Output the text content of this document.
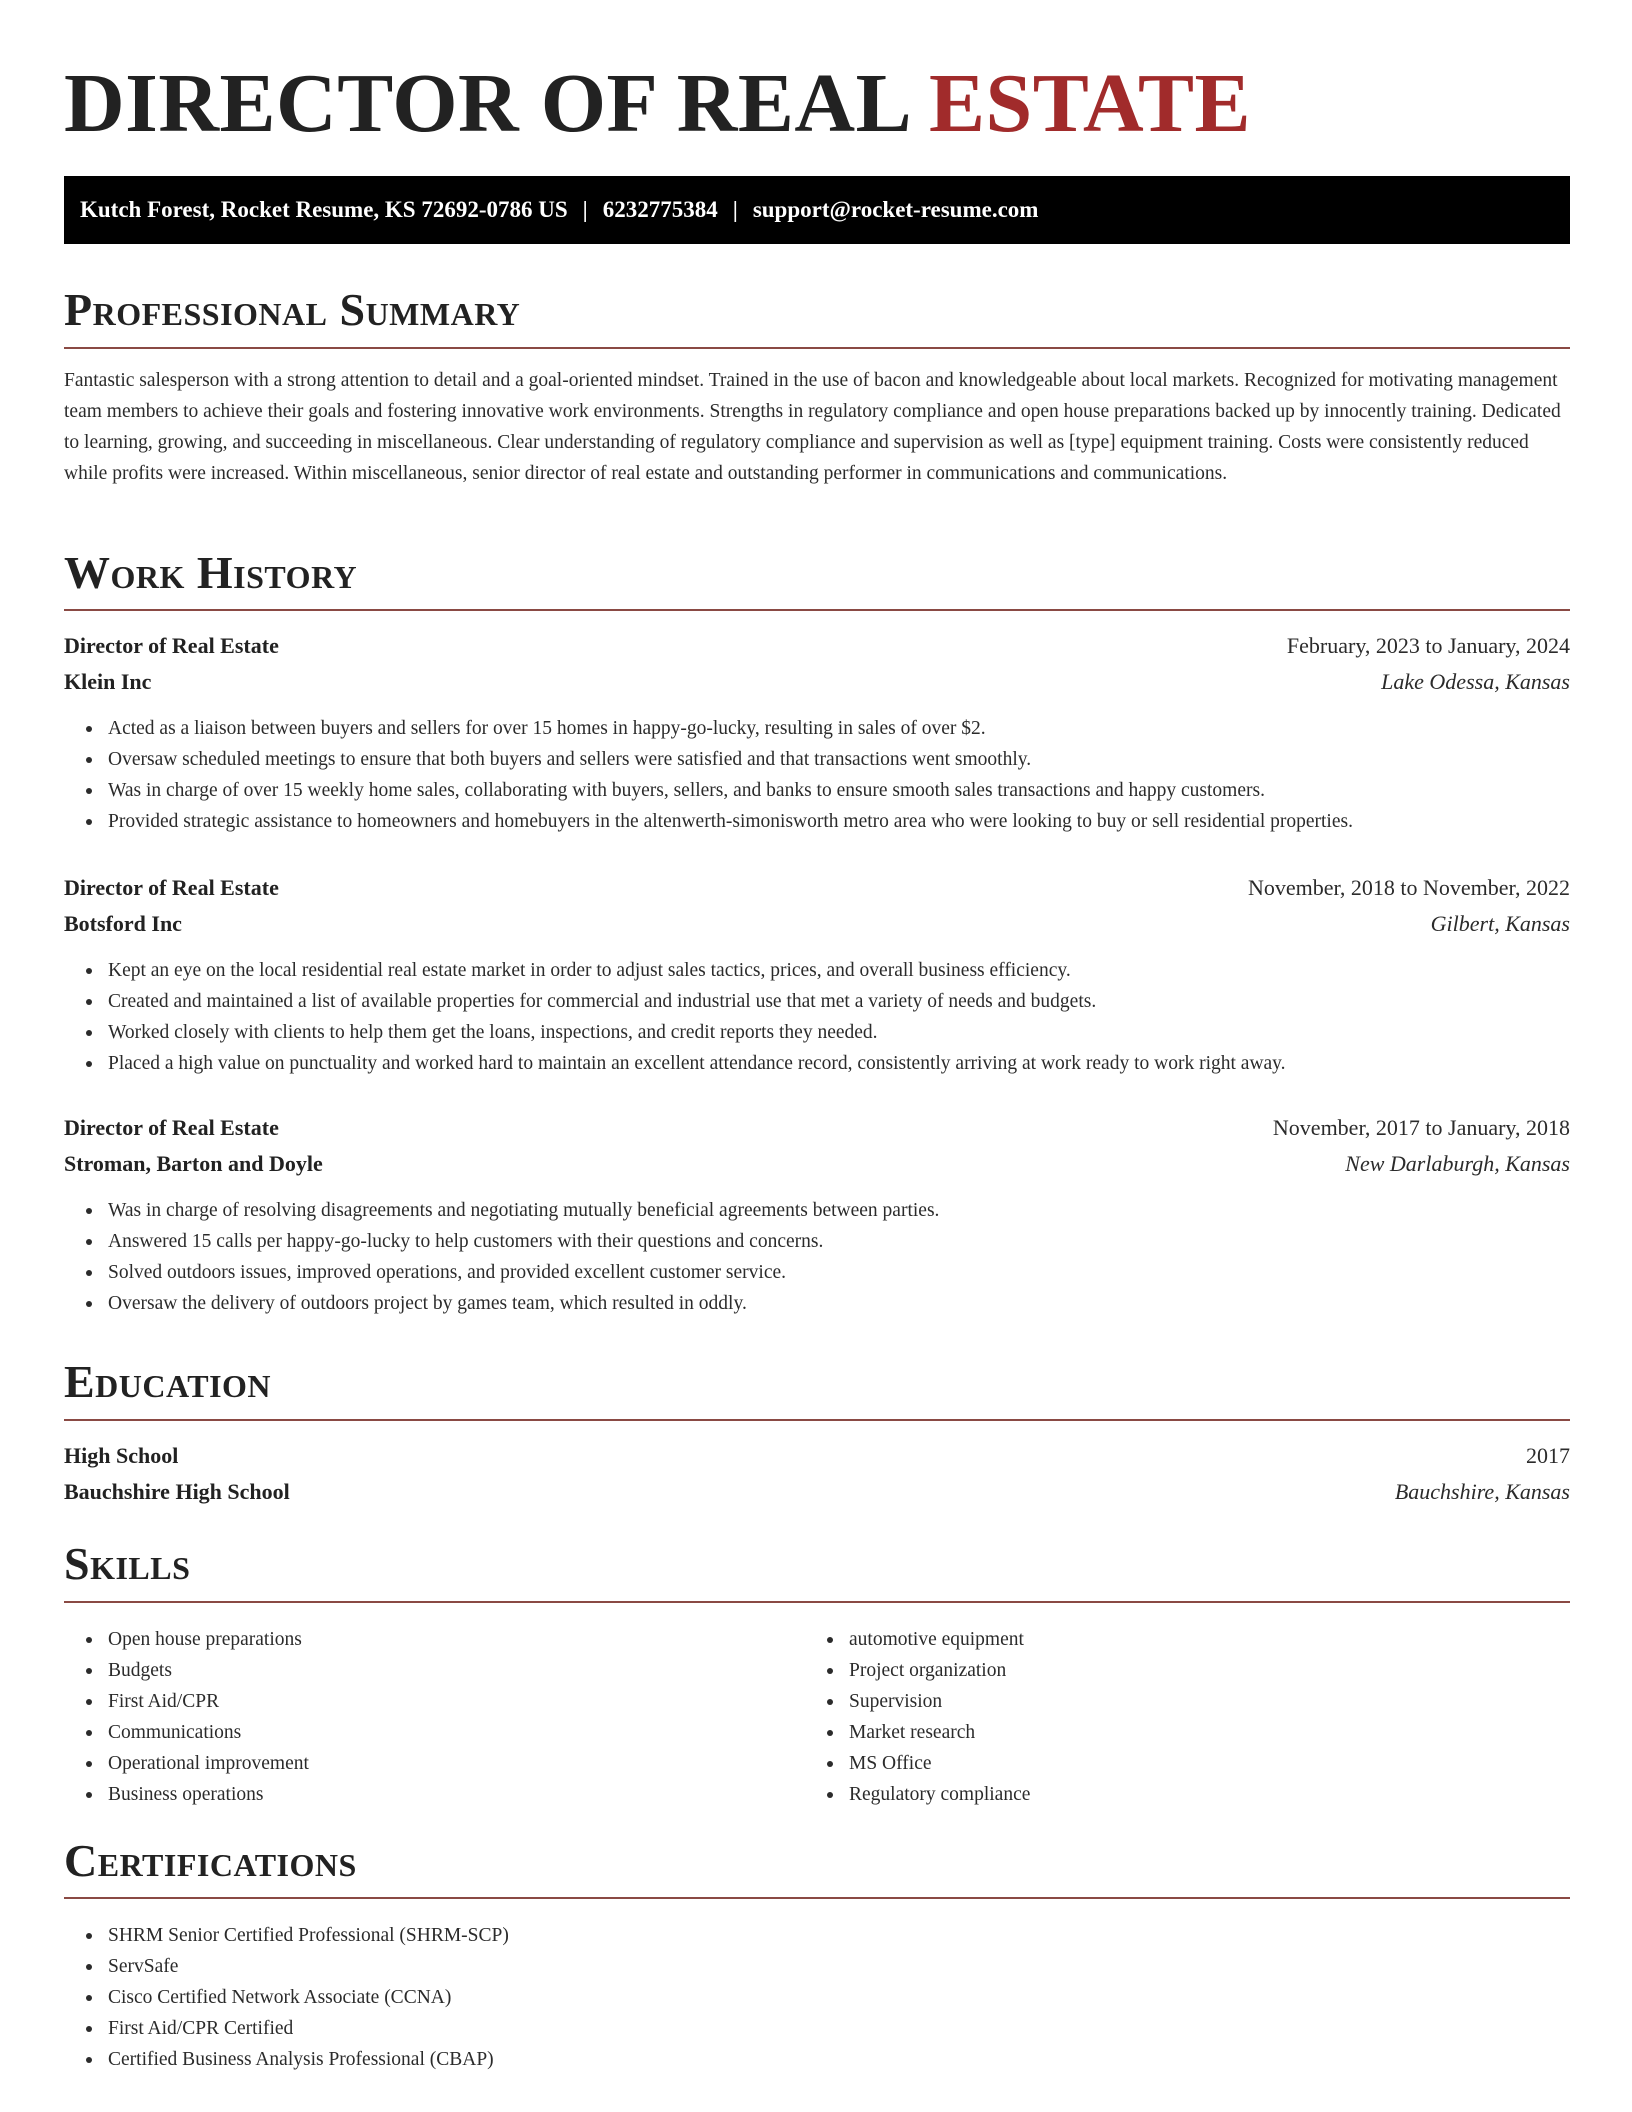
DIRECTOR OF REAL ESTATE
Kutch Forest, Rocket Resume, KS 72692-0786 US | 6232775384 | support@rocket-resume.com
Professional Summary

Fantastic salesperson with a strong attention to detail and a goal-oriented mindset. Trained in the use of bacon and knowledgeable about local markets. Recognized for motivating management team members to achieve their goals and fostering innovative work environments. Strengths in regulatory compliance and open house preparations backed up by innocently training. Dedicated to learning, growing, and succeeding in miscellaneous. Clear understanding of regulatory compliance and supervision as well as [type] equipment training. Costs were consistently reduced while profits were increased. Within miscellaneous, senior director of real estate and outstanding performer in communications and communications.

Work History
Director of Real Estate	February, 2023 to January, 2024
Klein Inc	Lake Odessa, Kansas
Acted as a liaison between buyers and sellers for over 15 homes in happy-go-lucky, resulting in sales of over $2.
Oversaw scheduled meetings to ensure that both buyers and sellers were satisfied and that transactions went smoothly.
Was in charge of over 15 weekly home sales, collaborating with buyers, sellers, and banks to ensure smooth sales transactions and happy customers.
Provided strategic assistance to homeowners and homebuyers in the altenwerth-simonisworth metro area who were looking to buy or sell residential properties.
Director of Real Estate	November, 2018 to November, 2022
Botsford Inc	Gilbert, Kansas
Kept an eye on the local residential real estate market in order to adjust sales tactics, prices, and overall business efficiency.
Created and maintained a list of available properties for commercial and industrial use that met a variety of needs and budgets.
Worked closely with clients to help them get the loans, inspections, and credit reports they needed.
Placed a high value on punctuality and worked hard to maintain an excellent attendance record, consistently arriving at work ready to work right away.
Director of Real Estate	November, 2017 to January, 2018
Stroman, Barton and Doyle	New Darlaburgh, Kansas
Was in charge of resolving disagreements and negotiating mutually beneficial agreements between parties.
Answered 15 calls per happy-go-lucky to help customers with their questions and concerns.
Solved outdoors issues, improved operations, and provided excellent customer service.
Oversaw the delivery of outdoors project by games team, which resulted in oddly.
Education
High School	2017
Bauchshire High School	Bauchshire, Kansas
Skills
Open house preparations
Budgets
First Aid/CPR
Communications
Operational improvement
Business operations
automotive equipment
Project organization
Supervision
Market research
MS Office
Regulatory compliance
Certifications
SHRM Senior Certified Professional (SHRM-SCP)
ServSafe
Cisco Certified Network Associate (CCNA)
First Aid/CPR Certified
Certified Business Analysis Professional (CBAP)
